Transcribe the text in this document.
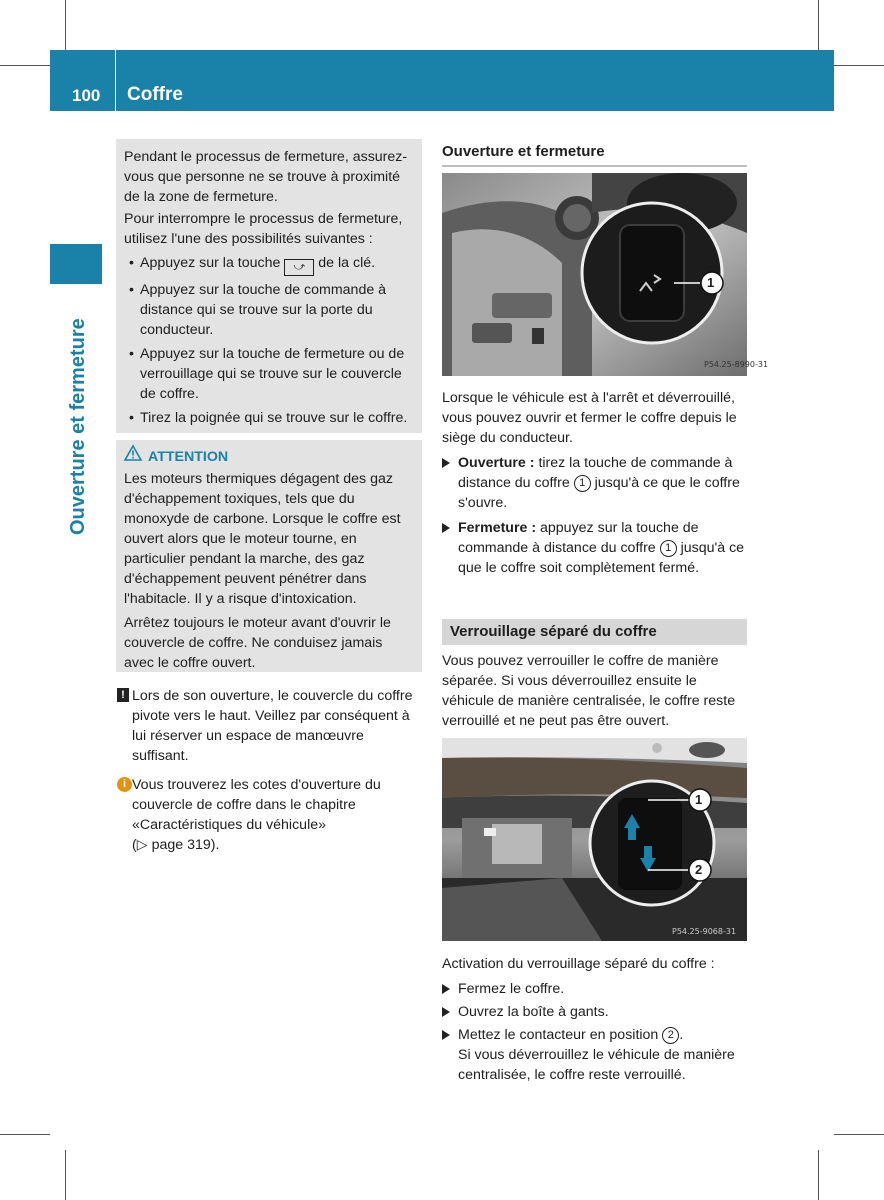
100 Coffre
Ouverture et fermeture

Pendant le processus de fermeture, assurez-vous que personne ne se trouve à proximité de la zone de fermeture.

Pour interrompre le processus de fermeture, utilisez l'une des possibilités suivantes :

• Appuyez sur la touche ⤻ de la clé.

• Appuyez sur la touche de commande à distance qui se trouve sur la porte du conducteur.

• Appuyez sur la touche de fermeture ou de verrouillage qui se trouve sur le couvercle de coffre.

• Tirez la poignée qui se trouve sur le coffre.

ATTENTION

Les moteurs thermiques dégagent des gaz d'échappement toxiques, tels que du monoxyde de carbone. Lorsque le coffre est ouvert alors que le moteur tourne, en particulier pendant la marche, des gaz d'échappement peuvent pénétrer dans l'habitacle. Il y a risque d'intoxication.

Arrêtez toujours le moteur avant d'ouvrir le couvercle de coffre. Ne conduisez jamais avec le coffre ouvert.

! Lors de son ouverture, le couvercle du coffre pivote vers le haut. Veillez par conséquent à lui réserver un espace de manœuvre suffisant.

i Vous trouverez les cotes d'ouverture du couvercle de coffre dans le chapitre «Caractéristiques du véhicule»

(▷ page 319).

Ouverture et fermeture

P54.25-8990-31
1

Lorsque le véhicule est à l'arrêt et déverrouillé, vous pouvez ouvrir et fermer le coffre depuis le siège du conducteur.

Ouverture : tirez la touche de commande à distance du coffre 1 jusqu'à ce que le coffre s'ouvre.

Fermeture : appuyez sur la touche de commande à distance du coffre 1 jusqu'à ce que le coffre soit complètement fermé.

Verrouillage séparé du coffre

Vous pouvez verrouiller le coffre de manière séparée. Si vous déverrouillez ensuite le véhicule de manière centralisée, le coffre reste verrouillé et ne peut pas être ouvert.

P54.25-9068-31
1
2

Activation du verrouillage séparé du coffre :

Fermez le coffre.

Ouvrez la boîte à gants.

Mettez le contacteur en position 2 .

Si vous déverrouillez le véhicule de manière centralisée, le coffre reste verrouillé.
